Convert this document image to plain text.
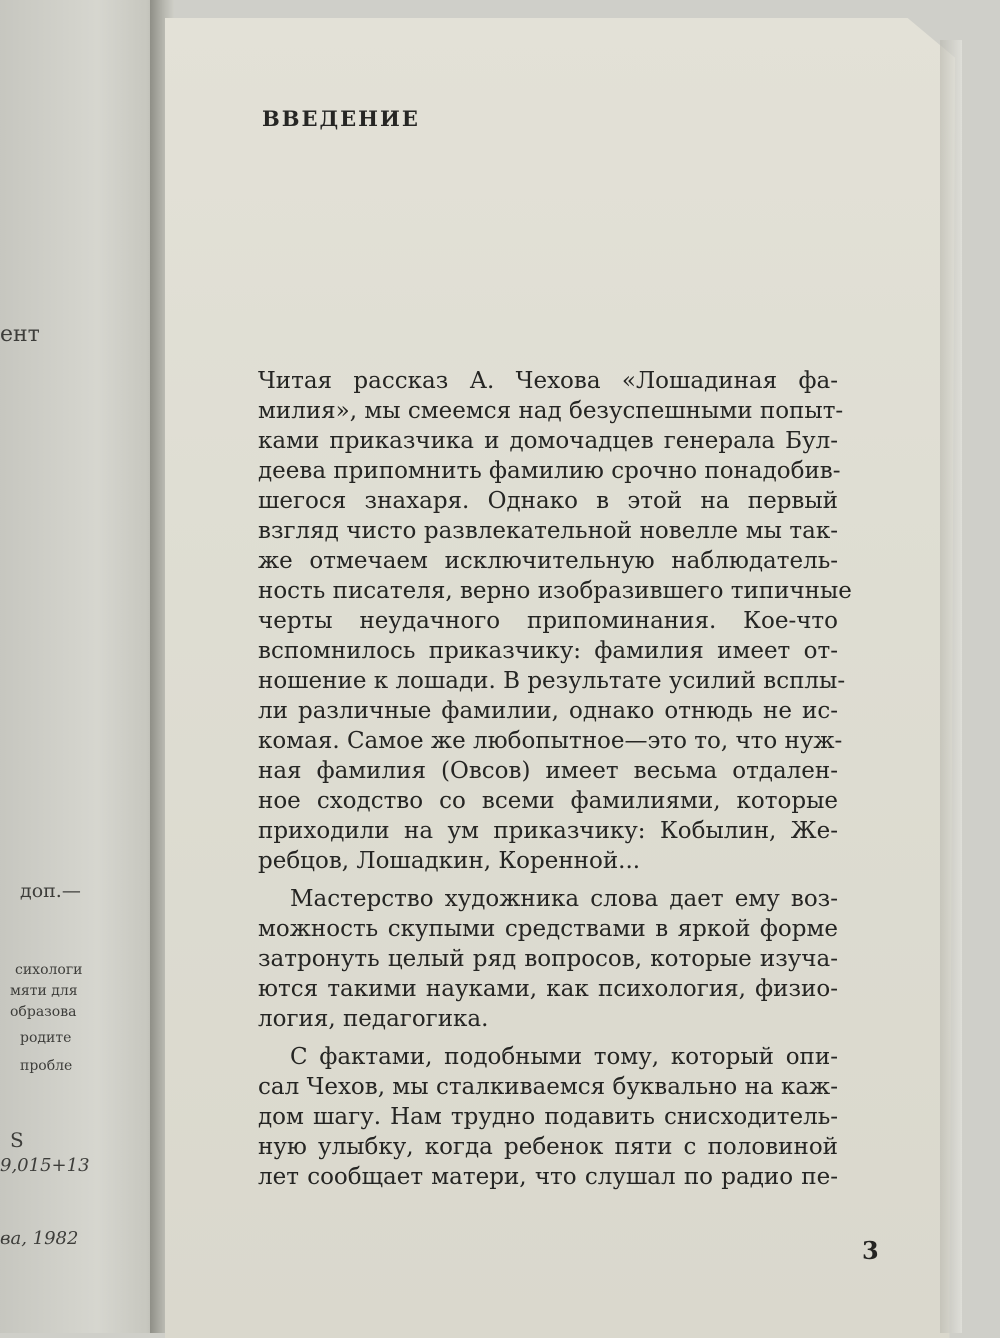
ент
доп.—
сихологи
мяти для
образова
родите
пробле
S
9,015+13
ва, 1982
ВВЕДЕНИЕ
Читая рассказ А. Чехова «Лошадиная фа-
милия», мы смеемся над безуспешными попыт-
ками приказчика и домочадцев генерала Бул-
деева припомнить фамилию срочно понадобив-
шегося знахаря. Однако в этой на первый
взгляд чисто развлекательной новелле мы так-
же отмечаем исключительную наблюдатель-
ность писателя, верно изобразившего типичные
черты неудачного припоминания. Кое-что
вспомнилось приказчику: фамилия имеет от-
ношение к лошади. В результате усилий всплы-
ли различные фамилии, однако отнюдь не ис-
комая. Самое же любопытное—это то, что нуж-
ная фамилия (Овсов) имеет весьма отдален-
ное сходство со всеми фамилиями, которые
приходили на ум приказчику: Кобылин, Же-
ребцов, Лошадкин, Коренной...
Мастерство художника слова дает ему воз-
можность скупыми средствами в яркой форме
затронуть целый ряд вопросов, которые изуча-
ются такими науками, как психология, физио-
логия, педагогика.
С фактами, подобными тому, который опи-
сал Чехов, мы сталкиваемся буквально на каж-
дом шагу. Нам трудно подавить снисходитель-
ную улыбку, когда ребенок пяти с половиной
лет сообщает матери, что слушал по радио пе-
3
